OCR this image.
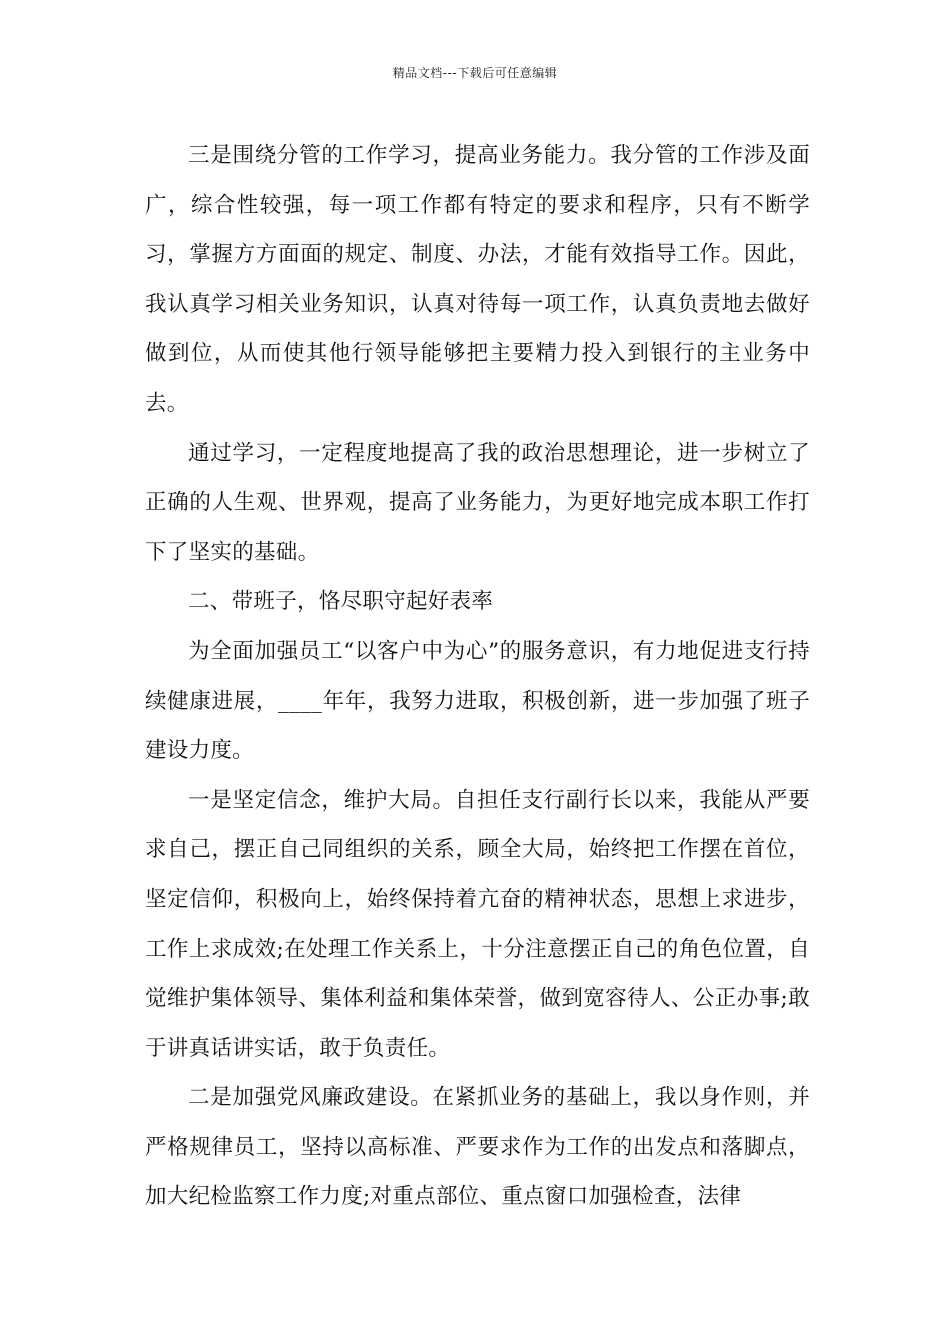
精品文档---下载后可任意编辑

三是围绕分管的工作学习，提高业务能力。我分管的工作涉及面广，综合性较强，每一项工作都有特定的要求和程序，只有不断学习，掌握方方面面的规定、制度、办法，才能有效指导工作。因此，我认真学习相关业务知识，认真对待每一项工作，认真负责地去做好做到位，从而使其他行领导能够把主要精力投入到银行的主业务中去。

通过学习，一定程度地提高了我的政治思想理论，进一步树立了正确的人生观、世界观，提高了业务能力，为更好地完成本职工作打下了坚实的基础。

二、带班子，恪尽职守起好表率

为全面加强员工“以客户中为心”的服务意识，有力地促进支行持续健康进展，____年年，我努力进取，积极创新，进一步加强了班子建设力度。

一是坚定信念，维护大局。自担任支行副行长以来，我能从严要求自己，摆正自己同组织的关系，顾全大局，始终把工作摆在首位，坚定信仰，积极向上，始终保持着亢奋的精神状态，思想上求进步，工作上求成效;在处理工作关系上，十分注意摆正自己的角色位置，自觉维护集体领导、集体利益和集体荣誉，做到宽容待人、公正办事;敢于讲真话讲实话，敢于负责任。

二是加强党风廉政建设。在紧抓业务的基础上，我以身作则，并严格规律员工，坚持以高标准、严要求作为工作的出发点和落脚点，加大纪检监察工作力度;对重点部位、重点窗口加强检查，法律
